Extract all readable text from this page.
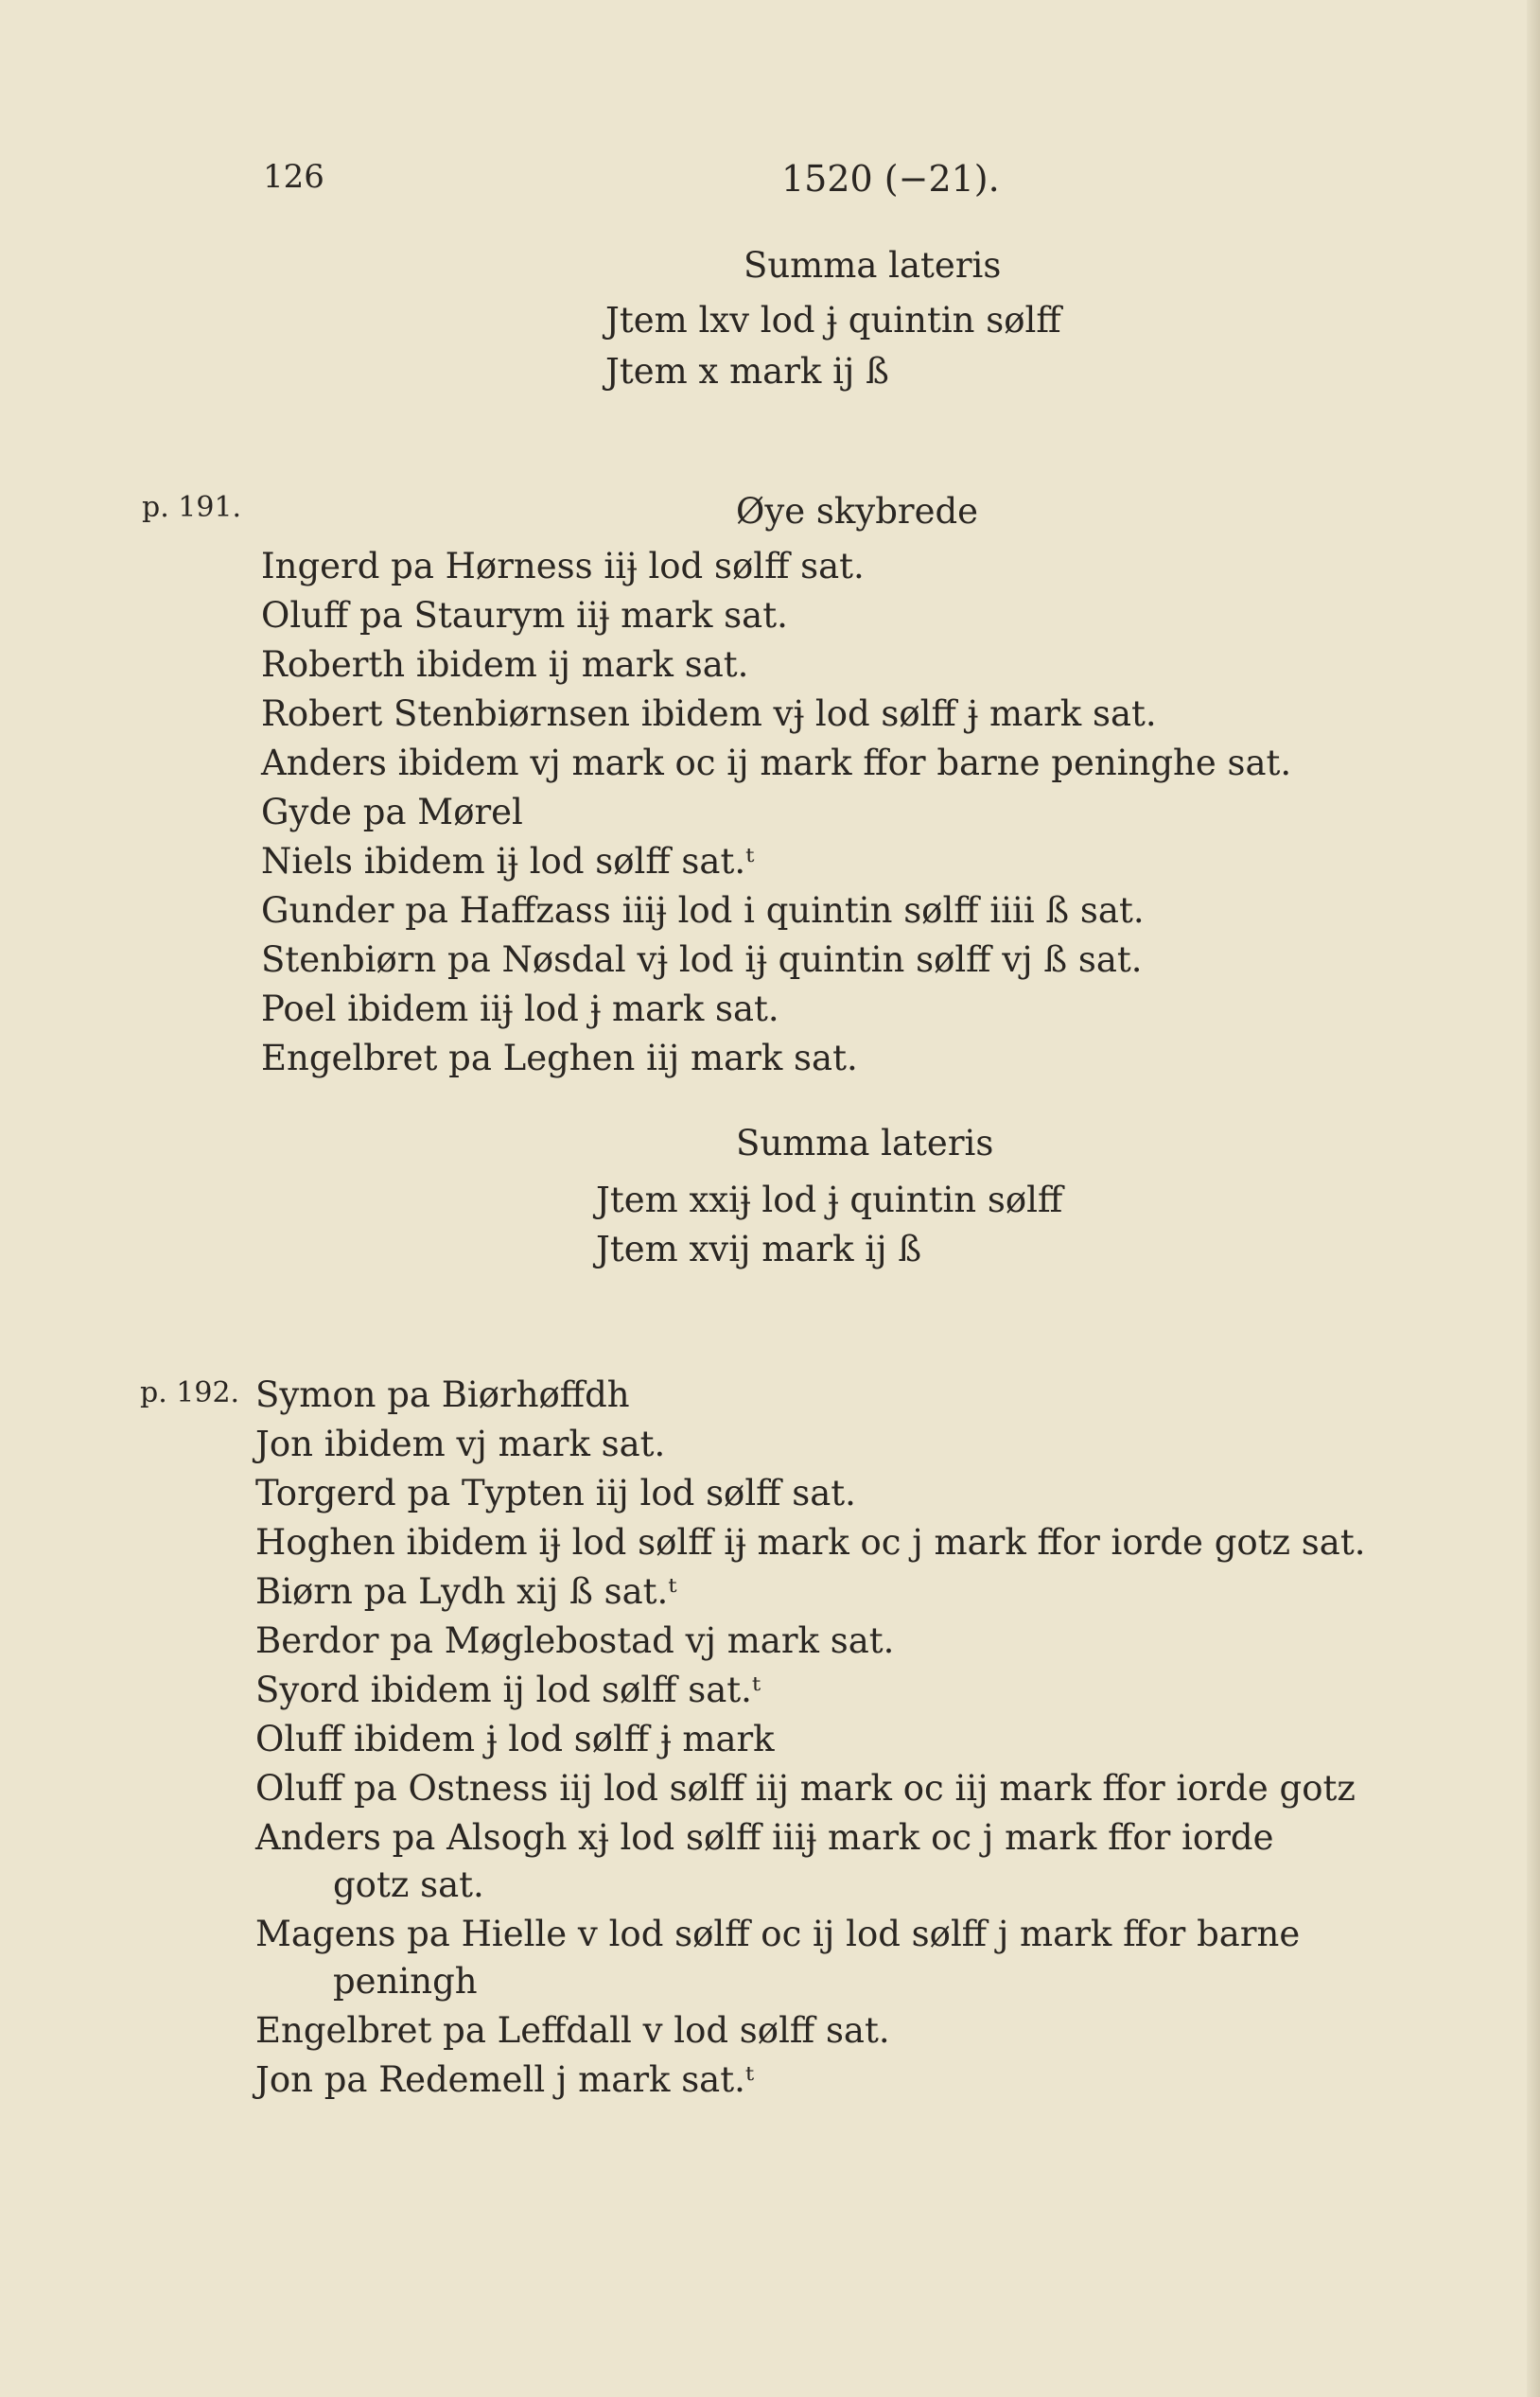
126	1520 (−21).
Summa lateris
Jtem lxv lod ɉ quintin sølff
Jtem x mark ij ß
p. 191.	Øye skybrede
Ingerd pa Hørness iiɉ lod sølff sat.
Oluff pa Staurym iiɉ mark sat.
Roberth ibidem ij mark sat.
Robert Stenbiørnsen ibidem vɉ lod sølff ɉ mark sat.
Anders ibidem vj mark oc ij mark ffor barne peninghe sat.
Gyde pa Mørel
Niels ibidem iɉ lod sølff sat.ᵗ
Gunder pa Haffzass iiiɉ lod i quintin sølff iiii ß sat.
Stenbiørn pa Nøsdal vɉ lod iɉ quintin sølff vj ß sat.
Poel ibidem iiɉ lod ɉ mark sat.
Engelbret pa Leghen iij mark sat.
Summa lateris
Jtem xxiɉ lod ɉ quintin sølff
Jtem xvij mark ij ß
p. 192. Symon pa Biørhøffdh
Jon ibidem vj mark sat.
Torgerd pa Typten iij lod sølff sat.
Hoghen ibidem iɉ lod sølff iɉ mark oc j mark ffor iorde gotz sat.
Biørn pa Lydh xij ß sat.ᵗ
Berdor pa Møglebostad vj mark sat.
Syord ibidem ij lod sølff sat.ᵗ
Oluff ibidem ɉ lod sølff ɉ mark
Oluff pa Ostness iij lod sølff iij mark oc iij mark ffor iorde gotz
Anders pa Alsogh xɉ lod sølff iiiɉ mark oc j mark ffor iorde
gotz sat.
Magens pa Hielle v lod sølff oc ij lod sølff j mark ffor barne
peningh
Engelbret pa Leffdall v lod sølff sat.
Jon pa Redemell j mark sat.ᵗ
